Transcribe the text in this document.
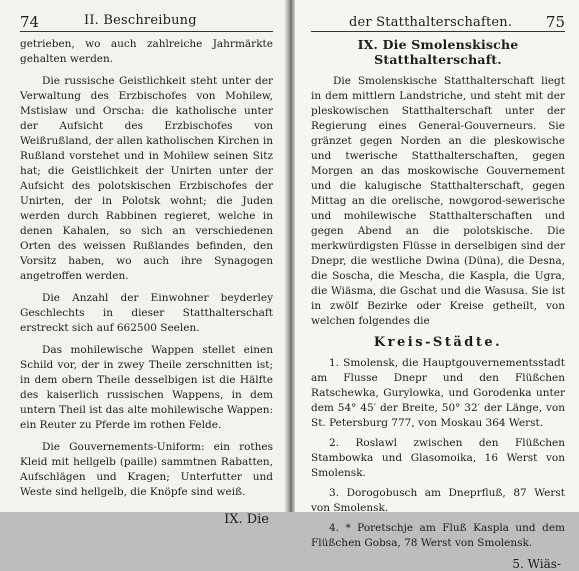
74	II. Beschreibung

getrieben, wo auch zahlreiche Jahrmärkte gehalten werden.

Die russische Geistlichkeit steht unter der Verwaltung des Erzbischofes von Mohilew, Mstislaw und Orscha: die katholische unter der Aufsicht des Erzbischofes von Weißrußland, der allen katholischen Kirchen in Rußland vorstehet und in Mohilew seinen Sitz hat; die Geistlichkeit der Unirten unter der Aufsicht des polotskischen Erzbischofes der Unirten, der in Polotsk wohnt; die Juden werden durch Rabbinen regieret, welche in denen Kahalen, so sich an verschiedenen Orten des weissen Rußlandes befinden, den Vorsitz haben, wo auch ihre Synagogen angetroffen werden.

Die Anzahl der Einwohner beyderley Geschlechts in dieser Statthalterschaft erstreckt sich auf 662500 Seelen.

Das mohilewische Wappen stellet einen Schild vor, der in zwey Theile zerschnitten ist; in dem obern Theile desselbigen ist die Hälfte des kaiserlich russischen Wappens, in dem untern Theil ist das alte mohilewische Wappen: ein Reuter zu Pferde im rothen Felde.

Die Gouvernements-Uniform: ein rothes Kleid mit hellgelb (paille) sammtnen Rabatten, Aufschlägen und Kragen; Unterfutter und Weste sind hellgelb, die Knöpfe sind weiß.

IX. Die
der Statthalterschaften. 75
IX. Die Smolenskische Statthalterschaft.

Die Smolenskische Statthalterschaft liegt in dem mittlern Landstriche, und steht mit der pleskowischen Statthalterschaft unter der Regierung eines General-Gouverneurs. Sie gränzet gegen Norden an die pleskowische und twerische Statthalterschaften, gegen Morgen an das moskowische Gouvernement und die kalugische Statthalterschaft, gegen Mittag an die orelische, nowgorod-sewerische und mohilewische Statthalterschaften und gegen Abend an die polotskische. Die merkwürdigsten Flüsse in derselbigen sind der Dnepr, die westliche Dwina (Düna), die Desna, die Soscha, die Mescha, die Kaspla, die Ugra, die Wiäsma, die Gschat und die Wasusa. Sie ist in zwölf Bezirke oder Kreise getheilt, von welchen folgendes die

Kreis-Städte.

1. Smolensk, die Hauptgouvernementsstadt am Flusse Dnepr und den Flüßchen Ratschewka, Gurylowka, und Gorodenka unter dem 54° 45′ der Breite, 50° 32′ der Länge, von St. Petersburg 777, von Moskau 364 Werst.

2. Roslawl zwischen den Flüßchen Stambowka und Glasomoika, 16 Werst von Smolensk.

3. Dorogobusch am Dneprfluß, 87 Werst von Smolensk.

4. * Poretschje am Fluß Kaspla und dem Flüßchen Gobsa, 78 Werst von Smolensk.

5. Wiäs-
